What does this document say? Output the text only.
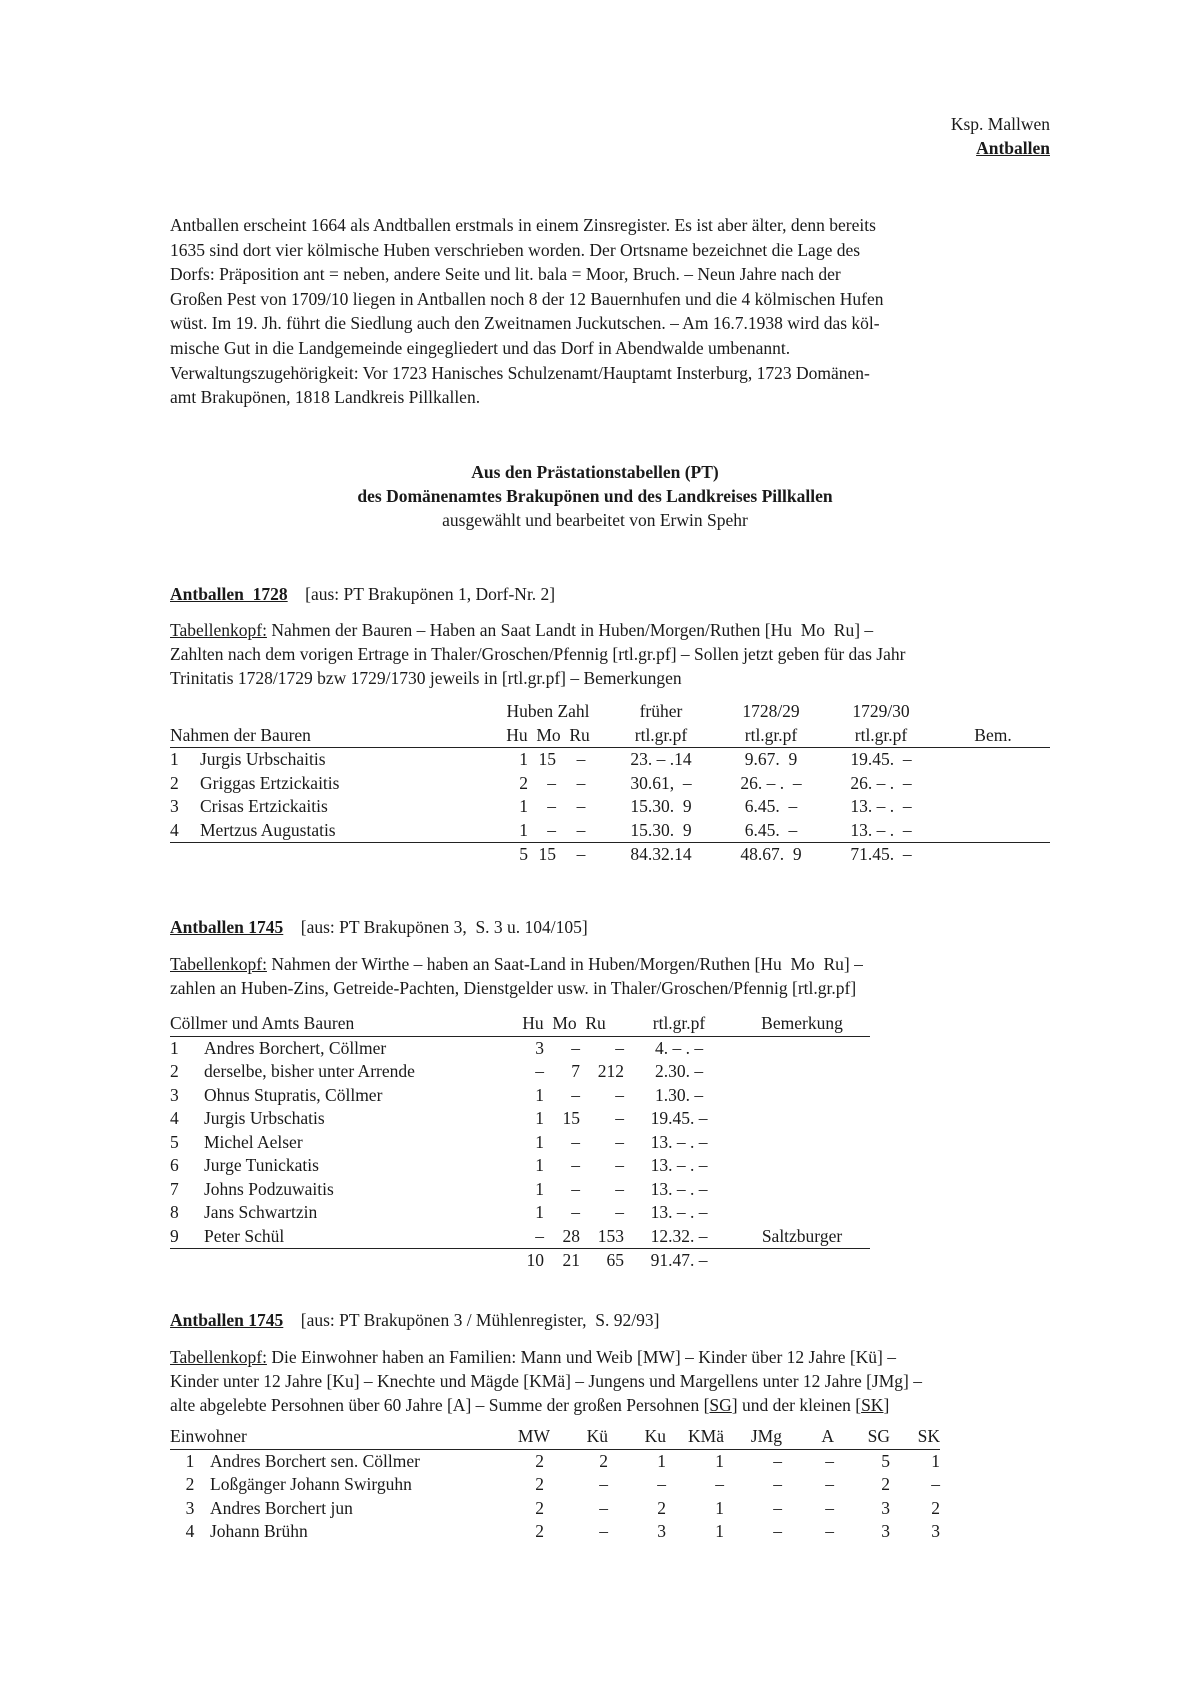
Ksp. Mallwen
Antballen
Antballen erscheint 1664 als Andtballen erstmals in einem Zinsregister. Es ist aber älter, denn bereits
1635 sind dort vier kölmische Huben verschrieben worden. Der Ortsname bezeichnet die Lage des
Dorfs: Präposition ant = neben, andere Seite und lit. bala = Moor, Bruch. – Neun Jahre nach der
Großen Pest von 1709/10 liegen in Antballen noch 8 der 12 Bauernhufen und die 4 kölmischen Hufen
wüst. Im 19. Jh. führt die Siedlung auch den Zweitnamen Juckutschen. – Am 16.7.1938 wird das köl-
mische Gut in die Landgemeinde eingegliedert und das Dorf in Abendwalde umbenannt.
Verwaltungszugehörigkeit: Vor 1723 Hanisches Schulzenamt/Hauptamt Insterburg, 1723 Domänen-
amt Brakupönen, 1818 Landkreis Pillkallen.
Aus den Prästationstabellen (PT)
des Domänenamtes Brakupönen und des Landkreises Pillkallen
ausgewählt und bearbeitet von Erwin Spehr
Antballen  1728 [aus: PT Brakupönen 1, Dorf-Nr. 2]
Tabellenkopf: Nahmen der Bauren – Haben an Saat Landt in Huben/Morgen/Ruthen [Hu  Mo  Ru] –
Zahlten nach dem vorigen Ertrage in Thaler/Groschen/Pfennig [rtl.gr.pf] – Sollen jetzt geben für das Jahr
Trinitatis 1728/1729 bzw 1729/1730 jeweils in [rtl.gr.pf] – Bemerkungen
		Huben Zahl			früher	1728/29	1729/30	
Nahmen der Bauren		Hu  Mo  Ru			rtl.gr.pf	rtl.gr.pf	rtl.gr.pf	Bem.
1	Jurgis Urbschaitis	1	15	–	23. – .14	9.67.  9	19.45.  –	
2	Griggas Ertzickaitis	2	–	–	30.61,  –	26. – .  –	26. – .  –	
3	Crisas Ertzickaitis	1	–	–	15.30.  9	6.45.  –	13. – .  –	
4	Mertzus Augustatis	1	–	–	15.30.  9	6.45.  –	13. – .  –	
		5	15	–	84.32.14	48.67.  9	71.45.  –	
Antballen 1745 [aus: PT Brakupönen 3,  S. 3 u. 104/105]
Tabellenkopf: Nahmen der Wirthe – haben an Saat-Land in Huben/Morgen/Ruthen [Hu  Mo  Ru] –
zahlen an Huben-Zins, Getreide-Pachten, Dienstgelder usw. in Thaler/Groschen/Pfennig [rtl.gr.pf]
Cöllmer und Amts Bauren		Hu  Mo  Ru			rtl.gr.pf	Bemerkung
1	Andres Borchert, Cöllmer	3	–	–	4. – . –	
2	derselbe, bisher unter Arrende	–	7	212	2.30. –	
3	Ohnus Stupratis, Cöllmer	1	–	–	1.30. –	
4	Jurgis Urbschatis	1	15	–	19.45. –	
5	Michel Aelser	1	–	–	13. – . –	
6	Jurge Tunickatis	1	–	–	13. – . –	
7	Johns Podzuwaitis	1	–	–	13. – . –	
8	Jans Schwartzin	1	–	–	13. – . –	
9	Peter Schül	–	28	153	12.32. –	Saltzburger
		10	21	65	91.47. –	
Antballen 1745 [aus: PT Brakupönen 3 / Mühlenregister,  S. 92/93]
Tabellenkopf: Die Einwohner haben an Familien: Mann und Weib [MW] – Kinder über 12 Jahre [Kü] –
Kinder unter 12 Jahre [Ku] – Knechte und Mägde [KMä] – Jungens und Margellens unter 12 Jahre [JMg] –
alte abgelebte Persohnen über 60 Jahre [A] – Summe der großen Persohnen [SG] und der kleinen [SK]
Einwohner		MW	Kü	Ku	KMä	JMg	A	SG	SK
1	Andres Borchert sen. Cöllmer	2	2	1	1	–	–	5	1
2	Loßgänger Johann Swirguhn	2	–	–	–	–	–	2	–
3	Andres Borchert jun	2	–	2	1	–	–	3	2
4	Johann Brühn	2	–	3	1	–	–	3	3
